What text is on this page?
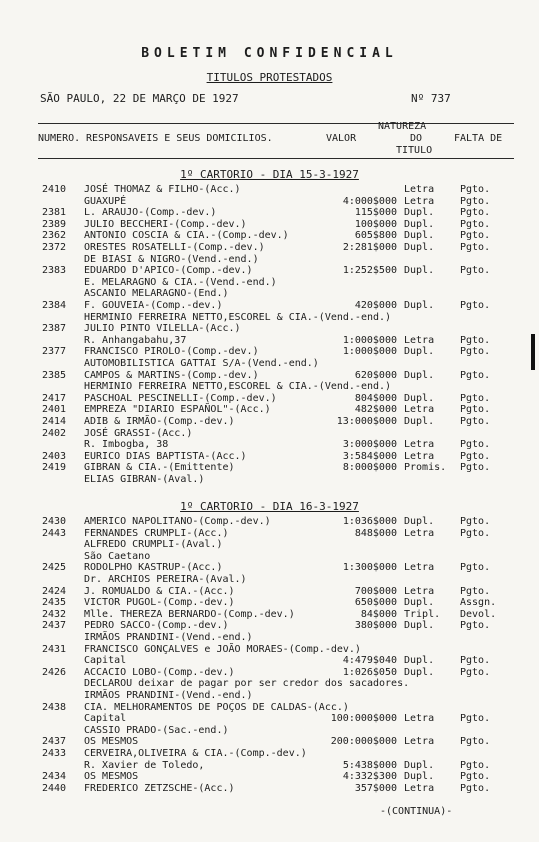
BOLETIM CONFIDENCIAL
TITULOS PROTESTADOS
SÃO PAULO, 22 DE MARÇO DE 1927	Nº 737
NUMERO. RESPONSAVEIS E SEUS DOMICILIOS.	VALOR
NATUREZA
DO
TITULO
FALTA DE
1º CARTORIO - DIA 15-3-1927
1º CARTORIO - DIA 16-3-1927
2410 JOSÉ THOMAZ & FILHO-(Acc.)	Letra	Pgto.
GUAXUPÉ	4:000$000 Letra	Pgto.
2381 L. ARAUJO-(Comp.-dev.)	115$000 Dupl.	Pgto.
2389 JULIO BECCHERI-(Comp.-dev.)	100$000 Dupl.	Pgto.
2362 ANTONIO COSCIA & CIA.-(Comp.-dev.)	605$800 Dupl.	Pgto.
2372 ORESTES ROSATELLI-(Comp.-dev.)	2:281$000 Dupl.	Pgto.
DE BIASI & NIGRO-(Vend.-end.)
2383 EDUARDO D'APICO-(Comp.-dev.)	1:252$500 Dupl.	Pgto.
E. MELARAGNO & CIA.-(Vend.-end.)
ASCANIO MELARAGNO-(End.)
2384 F. GOUVEIA-(Comp.-dev.)	420$000 Dupl.	Pgto.
HERMINIO FERREIRA NETTO,ESCOREL & CIA.-(Vend.-end.)
2387 JULIO PINTO VILELLA-(Acc.)
R. Anhangabahu,37	1:000$000 Letra	Pgto.
2377 FRANCISCO PIROLO-(Comp.-dev.)	1:000$000 Dupl.	Pgto.
AUTOMOBILISTICA GATTAI S/A-(Vend.-end.)
2385 CAMPOS & MARTINS-(Comp.-dev.)	620$000 Dupl.	Pgto.
HERMINIO FERREIRA NETTO,ESCOREL & CIA.-(Vend.-end.)
2417 PASCHOAL PESCINELLI-(Comp.-dev.)	804$000 Dupl.	Pgto.
2401 EMPREZA "DIARIO ESPAÑOL"-(Acc.)	482$000 Letra	Pgto.
2414 ADIB & IRMÃO-(Comp.-dev.)	13:000$000 Dupl.	Pgto.
2402 JOSÉ GRASSI-(Acc.)
R. Imbogba, 38	3:000$000 Letra	Pgto.
2403 EURICO DIAS BAPTISTA-(Acc.)	3:584$000 Letra	Pgto.
2419 GIBRAN & CIA.-(Emittente)	8:000$000 Promis. Pgto.
ELIAS GIBRAN-(Aval.)
2430 AMERICO NAPOLITANO-(Comp.-dev.)	1:036$000 Dupl.	Pgto.
2443 FERNANDES CRUMPLI-(Acc.)	848$000 Letra	Pgto.
ALFREDO CRUMPLI-(Aval.)
São Caetano
2425 RODOLPHO KASTRUP-(Acc.)	1:300$000 Letra	Pgto.
Dr. ARCHIOS PEREIRA-(Aval.)
2424 J. ROMUALDO & CIA.-(Acc.)	700$000 Letra	Pgto.
2435 VICTOR PUGOL-(Comp.-dev.)	650$000 Dupl.	Assgn.
2432 Mlle. THEREZA BERNARDO-(Comp.-dev.)	84$000 Tripl. Devol.
2437 PEDRO SACCO-(Comp.-dev.)	380$000 Dupl.	Pgto.
IRMÃOS PRANDINI-(Vend.-end.)
2431 FRANCISCO GONÇALVES e JOÃO MORAES-(Comp.-dev.)
Capital	4:479$040 Dupl.	Pgto.
2426 ACCACIO LOBO-(Comp.-dev.)	1:026$050 Dupl.	Pgto.
DECLAROU deixar de pagar por ser credor dos sacadores.
IRMÃOS PRANDINI-(Vend.-end.)
2438 CIA. MELHORAMENTOS DE POÇOS DE CALDAS-(Acc.)
Capital	100:000$000 Letra	Pgto.
CASSIO PRADO-(Sac.-end.)
2437 OS MESMOS	200:000$000 Letra	Pgto.
2433 CERVEIRA,OLIVEIRA & CIA.-(Comp.-dev.)
R. Xavier de Toledo,	5:438$000 Dupl.	Pgto.
2434 OS MESMOS	4:332$300 Dupl.	Pgto.
2440 FREDERICO ZETZSCHE-(Acc.)	357$000 Letra	Pgto.
-(CONTINUA)-
